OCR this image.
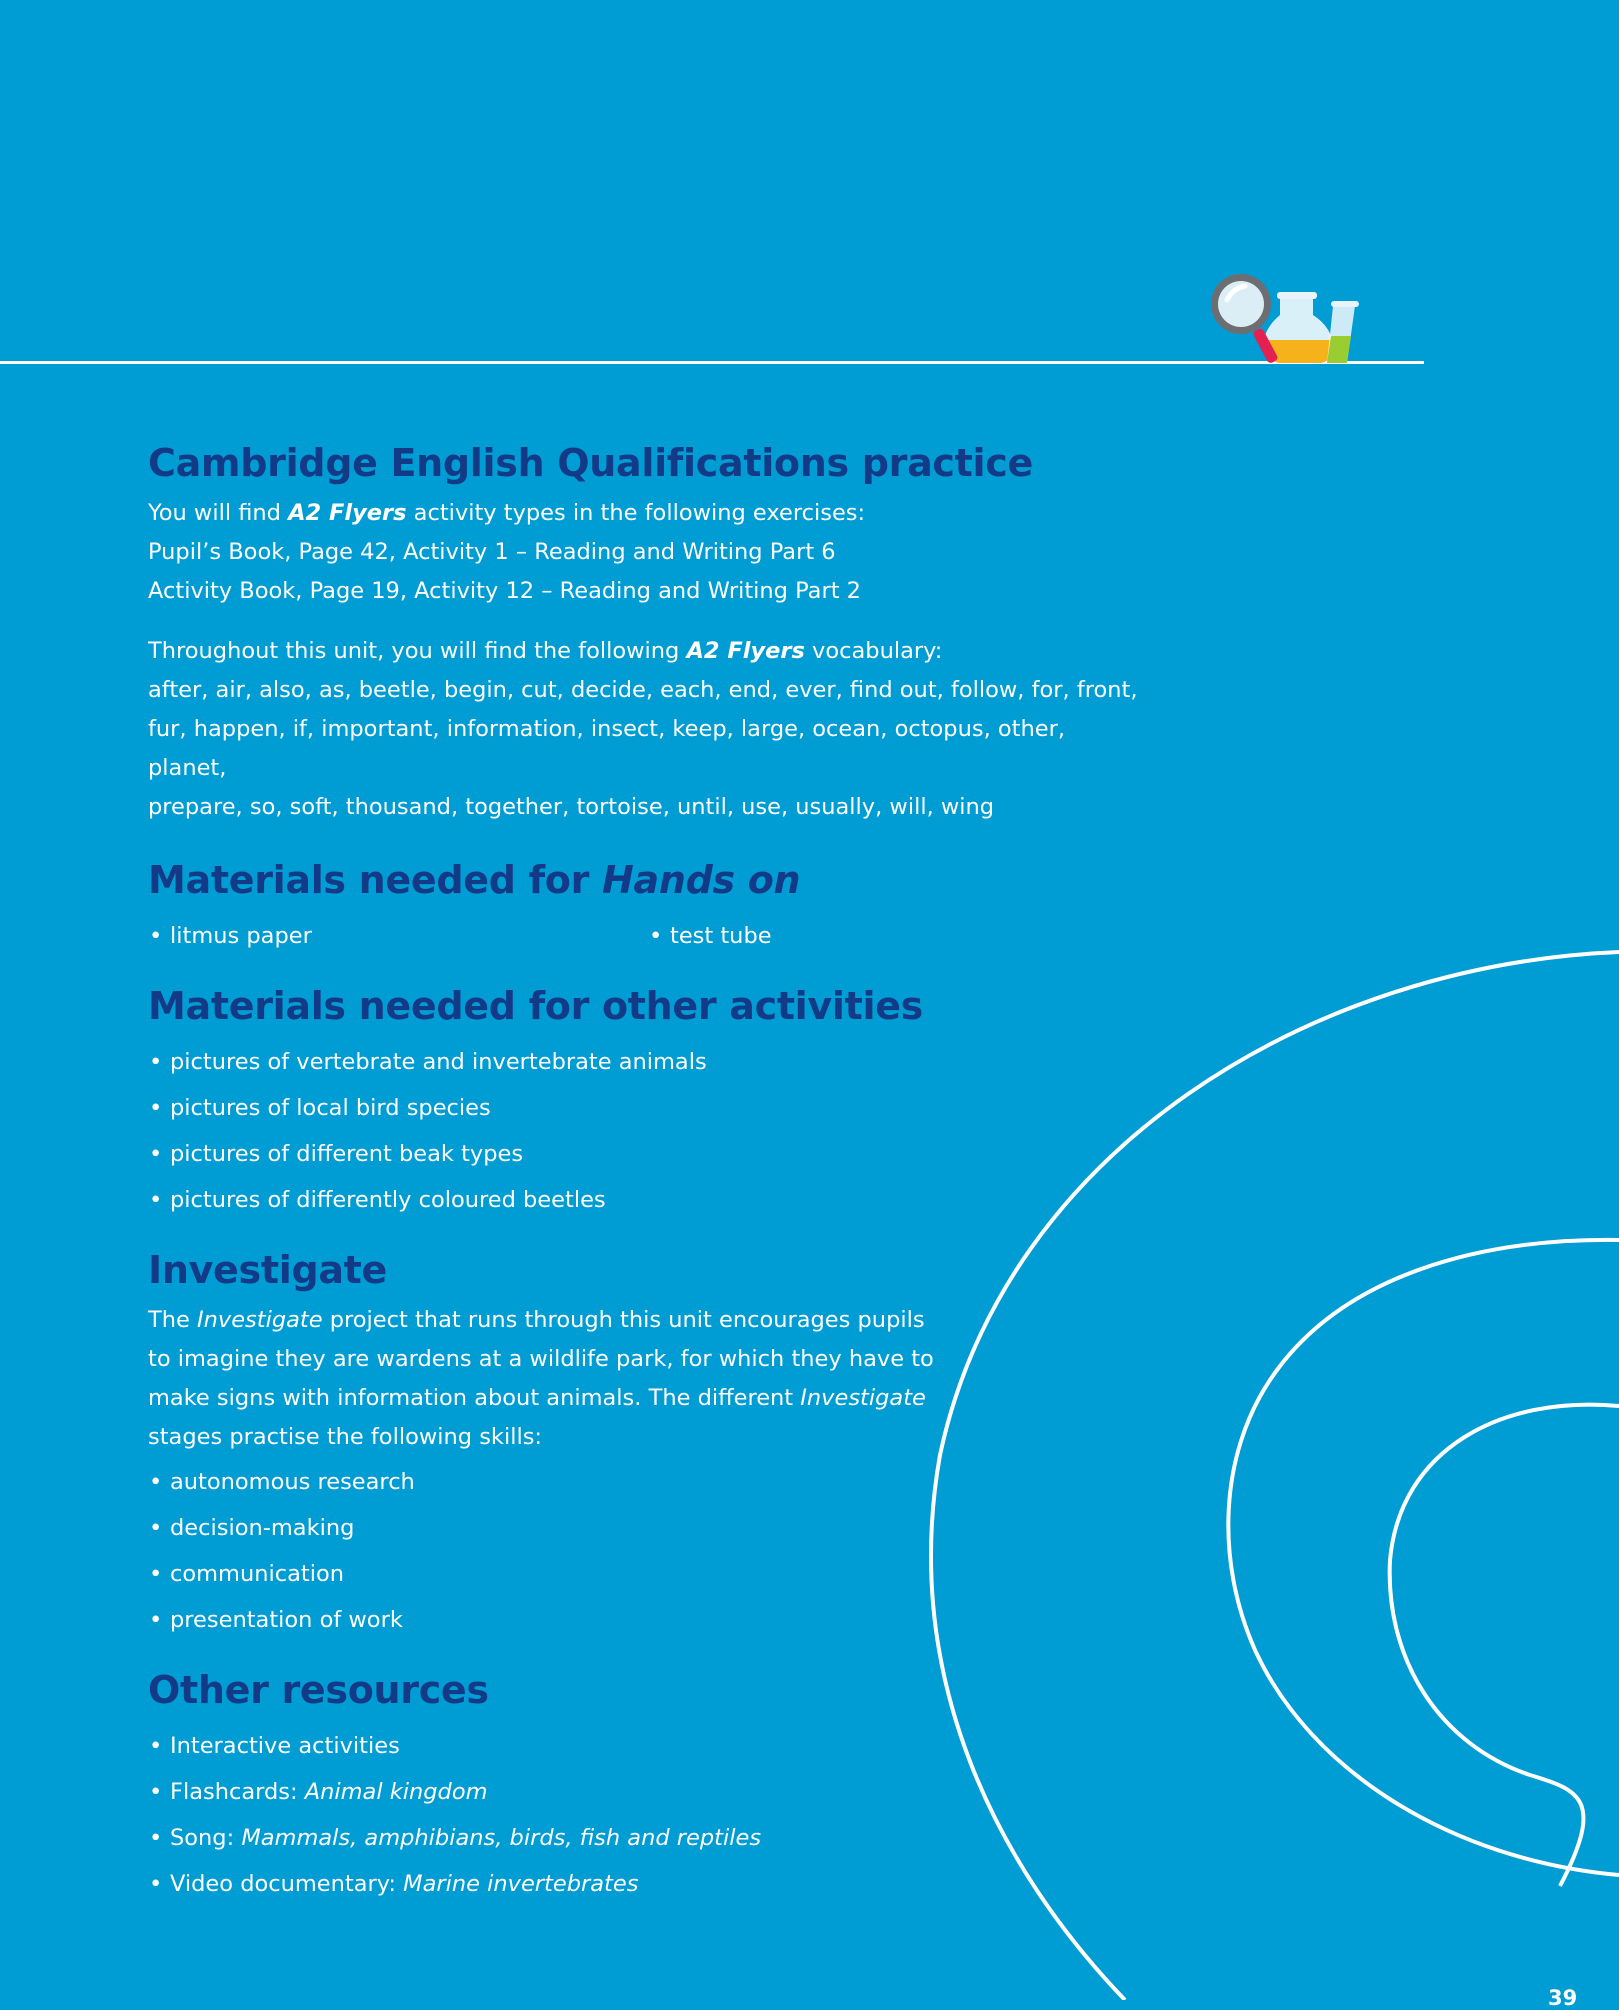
Cambridge English Qualifications practice

You will find A2 Flyers activity types in the following exercises:

Pupil’s Book, Page 42, Activity 1 – Reading and Writing Part 6

Activity Book, Page 19, Activity 12 – Reading and Writing Part 2

Throughout this unit, you will find the following A2 Flyers vocabulary:

after, air, also, as, beetle, begin, cut, decide, each, end, ever, find out, follow, for, front,

fur, happen, if, important, information, insect, keep, large, ocean, octopus, other, planet,

prepare, so, soft, thousand, together, tortoise, until, use, usually, will, wing

Materials needed for Hands on
• litmus paper
•	test tube
Materials needed for other activities
• pictures of vertebrate and invertebrate animals
• pictures of local bird species
• pictures of different beak types
• pictures of differently coloured beetles
Investigate

The Investigate project that runs through this unit encourages pupils

to imagine they are wardens at a wildlife park, for which they have to

make signs with information about animals. The different Investigate

stages practise the following skills:

• autonomous research
• decision-making
• communication
• presentation of work
Other resources
• Interactive activities
• Flashcards: Animal kingdom
• Song: Mammals, amphibians, birds, fish and reptiles
• Video documentary: Marine invertebrates
39
